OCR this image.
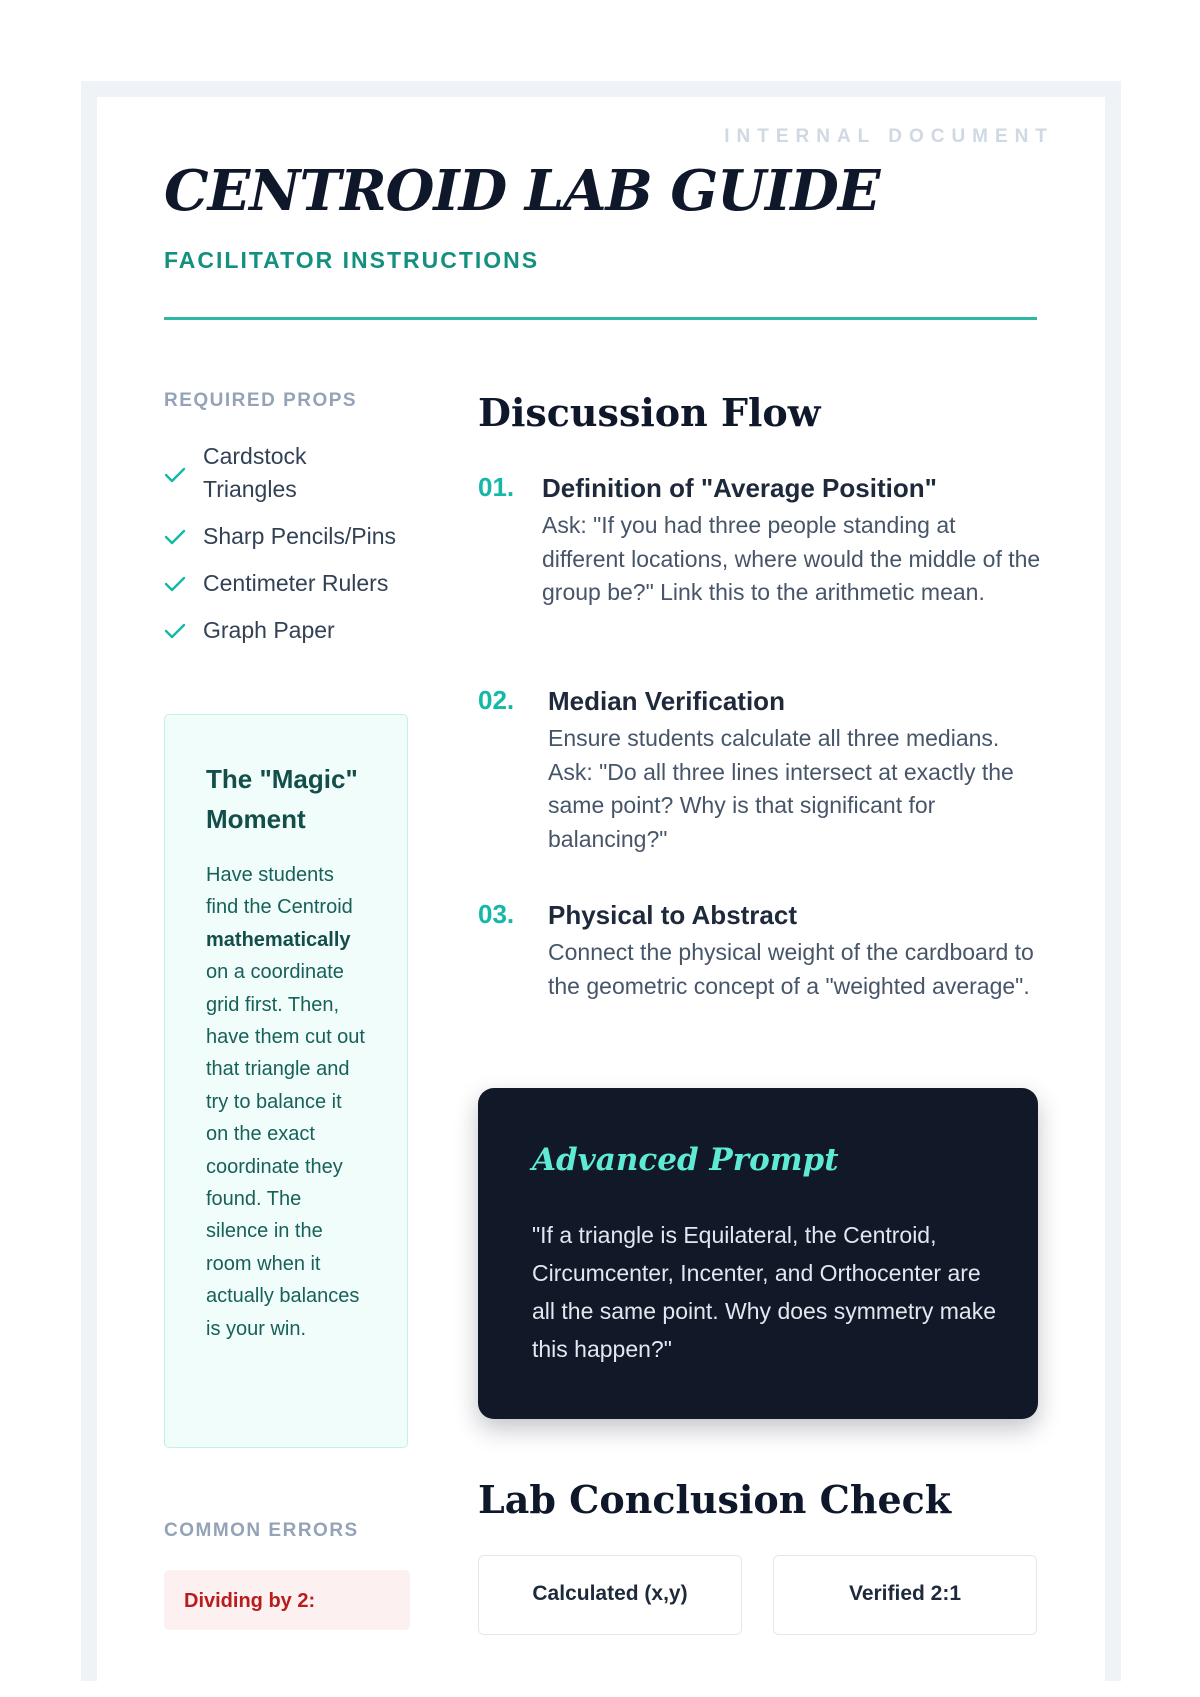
INTERNAL DOCUMENT
CENTROID LAB GUIDE
FACILITATOR INSTRUCTIONS
REQUIRED PROPS
Cardstock Triangles
Sharp Pencils/Pins
Centimeter Rulers
Graph Paper
The "Magic" Moment

Have students find the Centroid mathematically on a coordinate grid first. Then, have them cut out that triangle and try to balance it on the exact coordinate they found. The silence in the room when it actually balances is your win.

COMMON ERRORS
Dividing by 2:
Discussion Flow
01. Definition of "Average Position"
Ask: "If you had three people standing at different locations, where would the middle of the group be?" Link this to the arithmetic mean.
02. Median Verification
Ensure students calculate all three medians. Ask: "Do all three lines intersect at exactly the same point? Why is that significant for balancing?"
03. Physical to Abstract
Connect the physical weight of the cardboard to the geometric concept of a "weighted average".
Advanced Prompt
"If a triangle is Equilateral, the Centroid, Circumcenter, Incenter, and Orthocenter are all the same point. Why does symmetry make this happen?"
Lab Conclusion Check
Calculated (x,y)	Verified 2:1
